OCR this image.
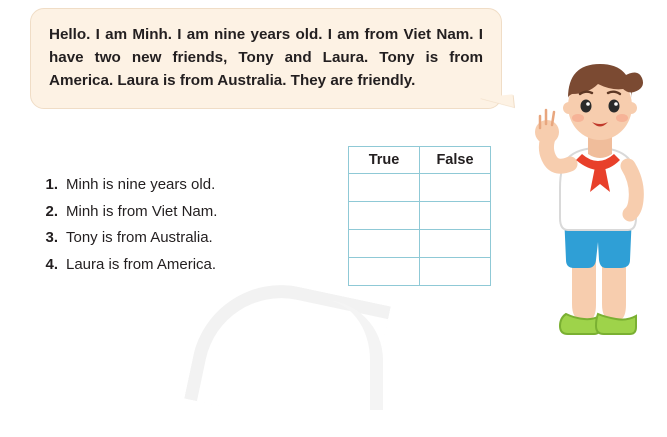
Hello. I am Minh. I am nine years old. I am from Viet Nam. I have two new friends, Tony and Laura. Tony is from America. Laura is from Australia. They are friendly.

True	False

1. Minh is nine years old.
2. Minh is from Viet Nam.
3. Tony is from Australia.
4. Laura is from America.
